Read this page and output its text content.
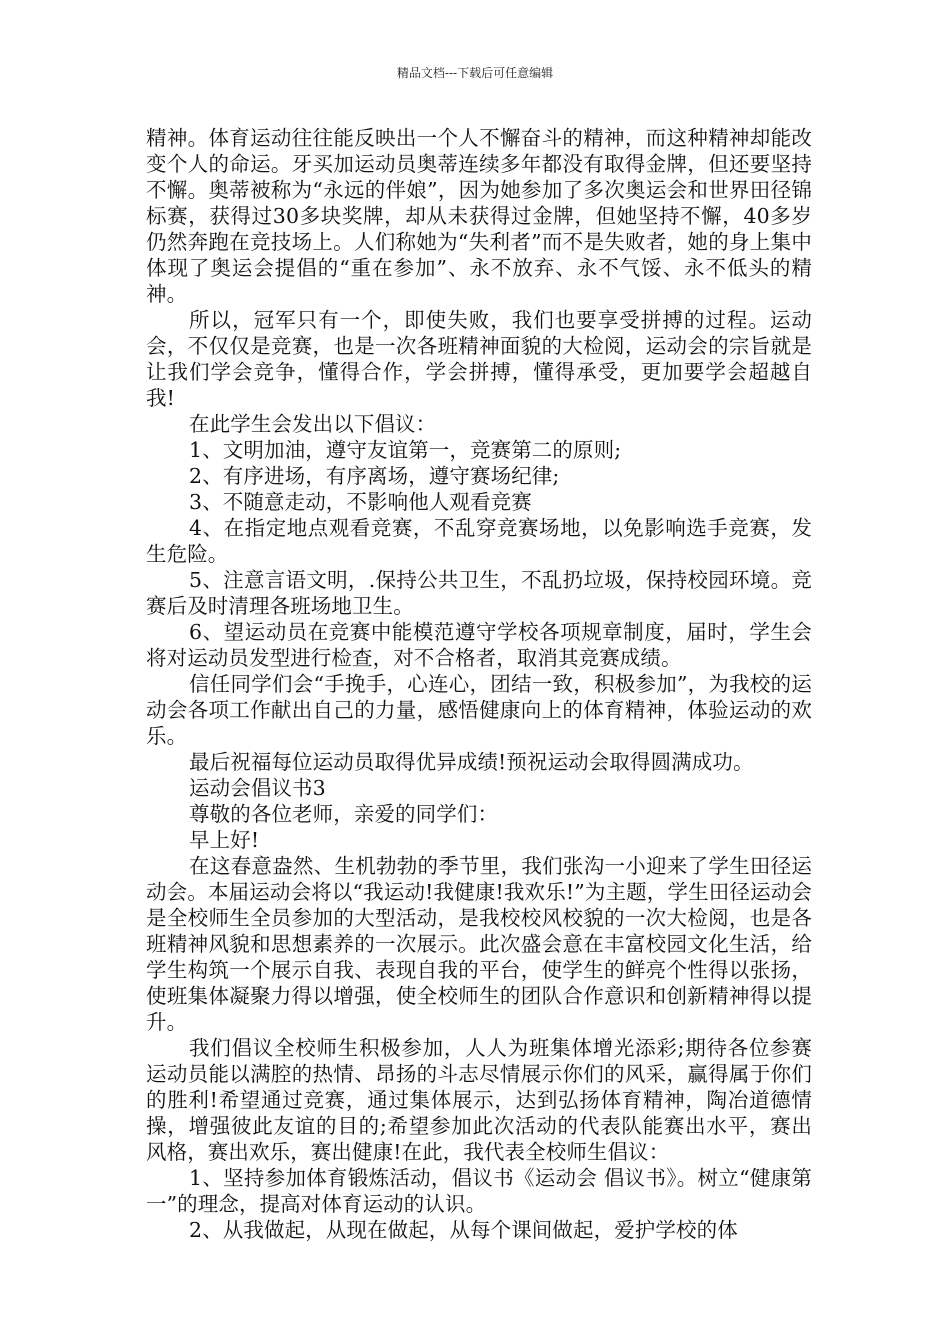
精品文档---下载后可任意编辑

精神。体育运动往往能反映出一个人不懈奋斗的精神，而这种精神却能改变个人的命运。牙买加运动员奥蒂连续多年都没有取得金牌，但还要坚持不懈。奥蒂被称为“永远的伴娘”，因为她参加了多次奥运会和世界田径锦标赛，获得过30多块奖牌，却从未获得过金牌，但她坚持不懈，40多岁仍然奔跑在竞技场上。人们称她为“失利者”而不是失败者，她的身上集中体现了奥运会提倡的“重在参加”、永不放弃、永不气馁、永不低头的精神。

所以，冠军只有一个，即使失败，我们也要享受拼搏的过程。运动会，不仅仅是竞赛，也是一次各班精神面貌的大检阅，运动会的宗旨就是让我们学会竞争，懂得合作，学会拼搏，懂得承受，更加要学会超越自我!

在此学生会发出以下倡议：

1、文明加油，遵守友谊第一，竞赛第二的原则;

2、有序进场，有序离场，遵守赛场纪律;

3、不随意走动，不影响他人观看竞赛

4、在指定地点观看竞赛，不乱穿竞赛场地，以免影响选手竞赛，发生危险。

5、注意言语文明，.保持公共卫生，不乱扔垃圾，保持校园环境。竞赛后及时清理各班场地卫生。

6、望运动员在竞赛中能模范遵守学校各项规章制度，届时，学生会将对运动员发型进行检查，对不合格者，取消其竞赛成绩。

信任同学们会“手挽手，心连心，团结一致，积极参加”，为我校的运动会各项工作献出自己的力量，感悟健康向上的体育精神，体验运动的欢乐。

最后祝福每位运动员取得优异成绩!预祝运动会取得圆满成功。

运动会倡议书3

尊敬的各位老师，亲爱的同学们：

早上好!

在这春意盎然、生机勃勃的季节里，我们张沟一小迎来了学生田径运动会。本届运动会将以“我运动!我健康!我欢乐!”为主题，学生田径运动会是全校师生全员参加的大型活动，是我校校风校貌的一次大检阅，也是各班精神风貌和思想素养的一次展示。此次盛会意在丰富校园文化生活，给学生构筑一个展示自我、表现自我的平台，使学生的鲜亮个性得以张扬，使班集体凝聚力得以增强，使全校师生的团队合作意识和创新精神得以提升。

我们倡议全校师生积极参加，人人为班集体增光添彩;期待各位参赛运动员能以满腔的热情、昂扬的斗志尽情展示你们的风采，赢得属于你们的胜利!希望通过竞赛，通过集体展示，达到弘扬体育精神，陶冶道德情操，增强彼此友谊的目的;希望参加此次活动的代表队能赛出水平，赛出风格，赛出欢乐，赛出健康!在此，我代表全校师生倡议：

1、坚持参加体育锻炼活动，倡议书《运动会 倡议书》。树立“健康第一”的理念，提高对体育运动的认识。

2、从我做起，从现在做起，从每个课间做起，爱护学校的体
